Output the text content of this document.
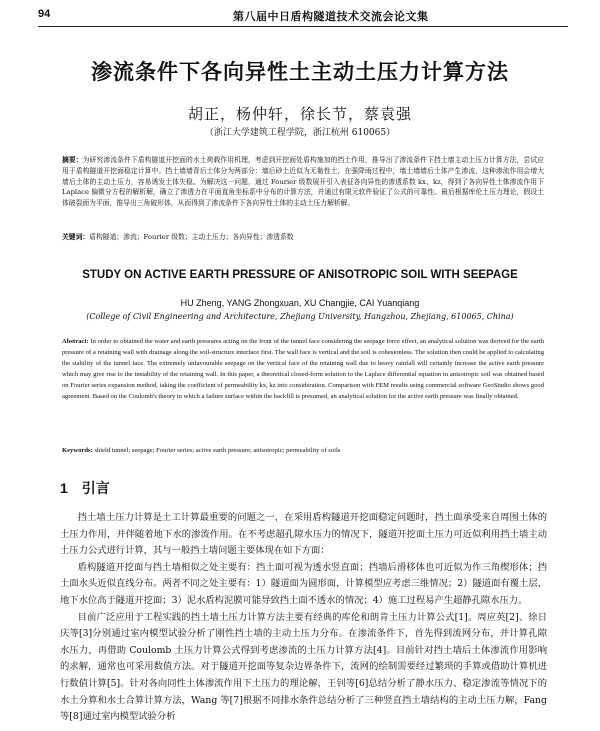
94	第八届中日盾构隧道技术交流会论文集
渗流条件下各向异性土主动土压力计算方法
胡正，杨仲轩，徐长节，蔡袁强
（浙江大学建筑工程学院，浙江杭州 610065）

摘要：为研究渗流条件下盾构隧道开挖面的水土荷载作用机理，考虑到开挖面处盾构施加的挡土作用，推导出了渗流条件下挡土墙主动土压力计算方法，尝试应用于盾构隧道开挖面稳定计算中。挡土墙墙背后土体分为两部分：墙后砂土近似为无黏性土，在强降雨过程中，墙土墙墙后土体产生渗流，这种渗流作用会增大墙后土体的主动土压力，容易诱发土体失稳。为解决这一问题，通过 Fourier 级数展开引入表征各向异性的渗透系数 kx、kz，得到了各向异性土体渗流作用下 Laplace 偏微分方程的解析解，确立了渗透力在平面直角坐标系中分布的计算方法，并通过有限元软件验证了公式的可靠性。最后根据库伦土压力理论，假设土体破裂面为平面，推导出三角破形体，从而得到了渗流条件下各向异性土体的主动土压力解析解。

关键词：盾构隧道；渗流；Fourier 级数；主动土压力；各向异性；渗透系数

STUDY ON ACTIVE EARTH PRESSURE OF ANISOTROPIC SOIL WITH SEEPAGE
HU Zheng, YANG Zhongxuan, XU Changjie, CAI Yuanqiang
(College of Civil Engineering and Architecture, Zhejiang University, Hangzhou, Zhejiang, 610065, China)

Abstract: In order to obtained the water and earth pressures acting on the front of the tunnel face considering the seepage force effect, an analytical solution was derived for the earth pressure of a retaining wall with drainage along the soil-structure interface first. The wall face is vertical and the soil is cohesionless. The solution then could be applied to calculating the stability of the tunnel face. The extremely unfavourable seepage on the vertical face of the retaining wall due to heavy rainfall will certainly increase the active earth pressure which may give rise to the instability of the retaining wall. In this paper, a theoretical closed-form solution to the Laplace differential equation in anisotropic soil was obtained based on Fourier series expansion method, taking the coefficient of permeability kx, kz into consideration. Comparison with FEM results using commercial software GeoStudio shows good agreement. Based on the Coulomb's theory in which a failure surface within the backfill is presumed, an analytical solution for the active earth pressure was finally obtained.

Keywords: shield tunnel; seepage; Fourier series; active earth pressure; anisotropic; permeability of soils

1 引言

挡土墙土压力计算是土工计算最重要的问题之一，在采用盾构隧道开挖面稳定问题时，挡土面承受来自周围土体的土压力作用，并伴随着地下水的渗流作用。在不考虑超孔隙水压力的情况下，隧道开挖面土压力可近似利用挡土墙主动土压力公式进行计算，其与一般挡土墙问题主要体现在如下方面：

盾构隧道开挖面与挡土墙相似之处主要有：挡土面可视为透水竖直面；挡墙后滑移体也可近似为作三角楔形体；挡土面水头近似直线分布。两者不同之处主要有：1）隧道面为圆形面，计算模型应考虑三维情况；2）隧道面有覆土层，地下水位高于隧道开挖面；3）泥水盾构泥膜可能导致挡土面不透水的情况；4）施工过程易产生超静孔隙水压力。

目前广泛应用于工程实践的挡土墙土压力计算方法主要有经典的库伦和朗肯土压力计算公式[1]。周应英[2]、徐日庆等[3]分别通过室内模型试验分析了刚性挡土墙的主动土压力分布。在渗流条件下，首先得到流网分布，并计算孔隙水压力，再借助 Coulomb 土压力计算公式得到考虑渗流的土压力计算方法[4]。目前针对挡土墙后土体渗流作用影响的求解，通常也可采用数值方法。对于隧道开挖面等复杂边界条件下，流网的绘制需要经过繁琐的手算或借助计算机进行数值计算[5]。针对各向同性土体渗流作用下土压力的理论解，王钊等[6]总结分析了静水压力、稳定渗流等情况下的水土分算和水土合算计算方法，Wang 等[7]根据不同排水条件总结分析了三种竖直挡土墙结构的主动土压力解，Fang 等[8]通过室内模型试验分析
